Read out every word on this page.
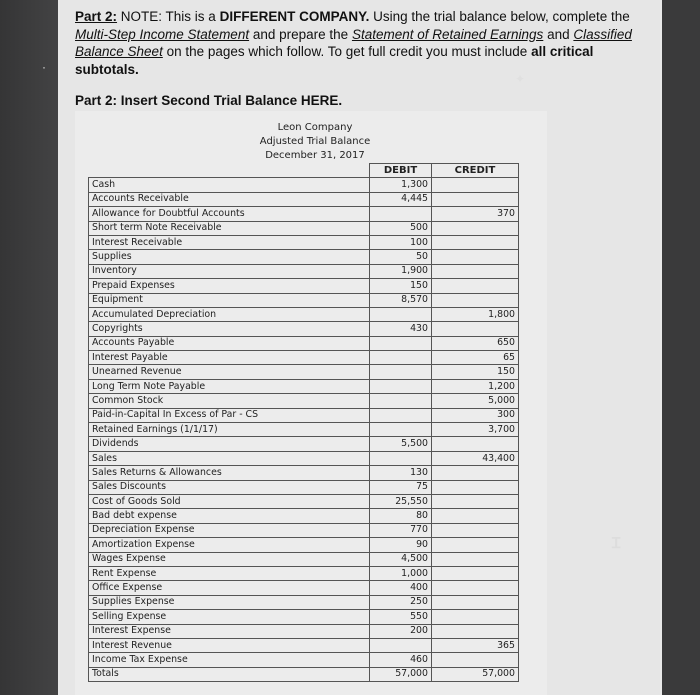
Part 2: NOTE: This is a DIFFERENT COMPANY. Using the trial balance below, complete the Multi-Step Income Statement and prepare the Statement of Retained Earnings and Classified Balance Sheet on the pages which follow. To get full credit you must include all critical subtotals.
Part 2: Insert Second Trial Balance HERE.
Leon Company
Adjusted Trial Balance
December 31, 2017
	DEBIT	CREDIT
Cash	1,300	
Accounts Receivable	4,445	
Allowance for Doubtful Accounts		370
Short term Note Receivable	500	
Interest Receivable	100	
Supplies	50	
Inventory	1,900	
Prepaid Expenses	150	
Equipment	8,570	
Accumulated Depreciation		1,800
Copyrights	430	
Accounts Payable		650
Interest Payable		65
Unearned Revenue		150
Long Term Note Payable		1,200
Common Stock		5,000
Paid-in-Capital In Excess of Par - CS		300
Retained Earnings (1/1/17)		3,700
Dividends	5,500	
Sales		43,400
Sales Returns & Allowances	130	
Sales Discounts	75	
Cost of Goods Sold	25,550	
Bad debt expense	80	
Depreciation Expense	770	
Amortization Expense	90	
Wages Expense	4,500	
Rent Expense	1,000	
Office Expense	400	
Supplies Expense	250	
Selling Expense	550	
Interest Expense	200	
Interest Revenue		365
Income Tax Expense	460	
Totals	57,000	57,000
✦
·
Ɪ
